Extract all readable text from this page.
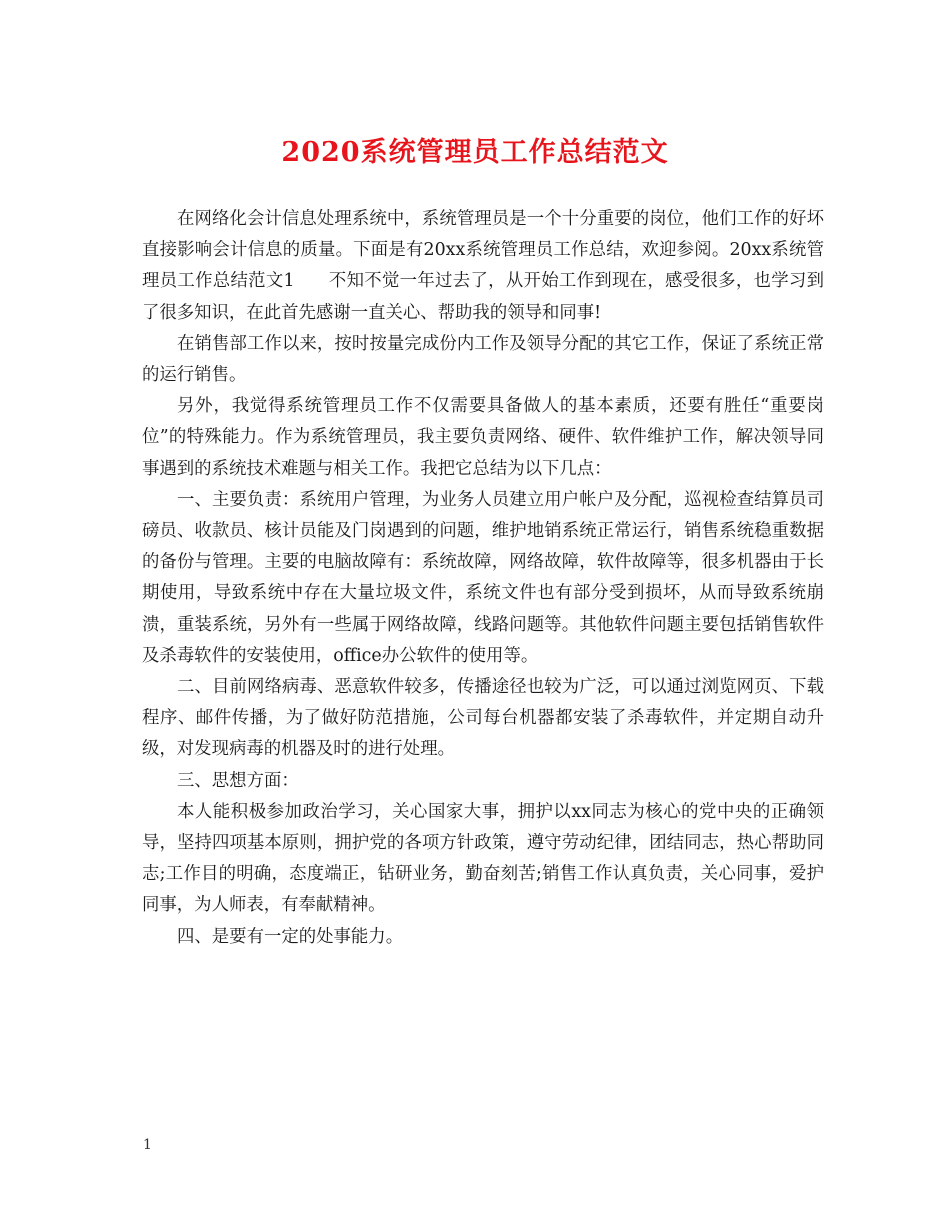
2020系统管理员工作总结范文

在网络化会计信息处理系统中，系统管理员是一个十分重要的岗位，他们工作的好坏直接影响会计信息的质量。下面是有20xx系统管理员工作总结，欢迎参阅。20xx系统管理员工作总结范文1 不知不觉一年过去了，从开始工作到现在，感受很多，也学习到了很多知识，在此首先感谢一直关心、帮助我的领导和同事!

在销售部工作以来，按时按量完成份内工作及领导分配的其它工作，保证了系统正常的运行销售。

另外，我觉得系统管理员工作不仅需要具备做人的基本素质，还要有胜任“重要岗位”的特殊能力。作为系统管理员，我主要负责网络、硬件、软件维护工作，解决领导同事遇到的系统技术难题与相关工作。我把它总结为以下几点：

一、主要负责：系统用户管理，为业务人员建立用户帐户及分配，巡视检查结算员司磅员、收款员、核计员能及门岗遇到的问题，维护地销系统正常运行，销售系统稳重数据的备份与管理。主要的电脑故障有：系统故障，网络故障，软件故障等，很多机器由于长期使用，导致系统中存在大量垃圾文件，系统文件也有部分受到损坏，从而导致系统崩溃，重装系统，另外有一些属于网络故障，线路问题等。其他软件问题主要包括销售软件及杀毒软件的安装使用，office办公软件的使用等。

二、目前网络病毒、恶意软件较多，传播途径也较为广泛，可以通过浏览网页、下载程序、邮件传播，为了做好防范措施，公司每台机器都安装了杀毒软件，并定期自动升级，对发现病毒的机器及时的进行处理。

三、思想方面：

本人能积极参加政治学习，关心国家大事，拥护以xx同志为核心的党中央的正确领导，坚持四项基本原则，拥护党的各项方针政策，遵守劳动纪律，团结同志，热心帮助同志;工作目的明确，态度端正，钻研业务，勤奋刻苦;销售工作认真负责，关心同事，爱护同事，为人师表，有奉献精神。

四、是要有一定的处事能力。

1
